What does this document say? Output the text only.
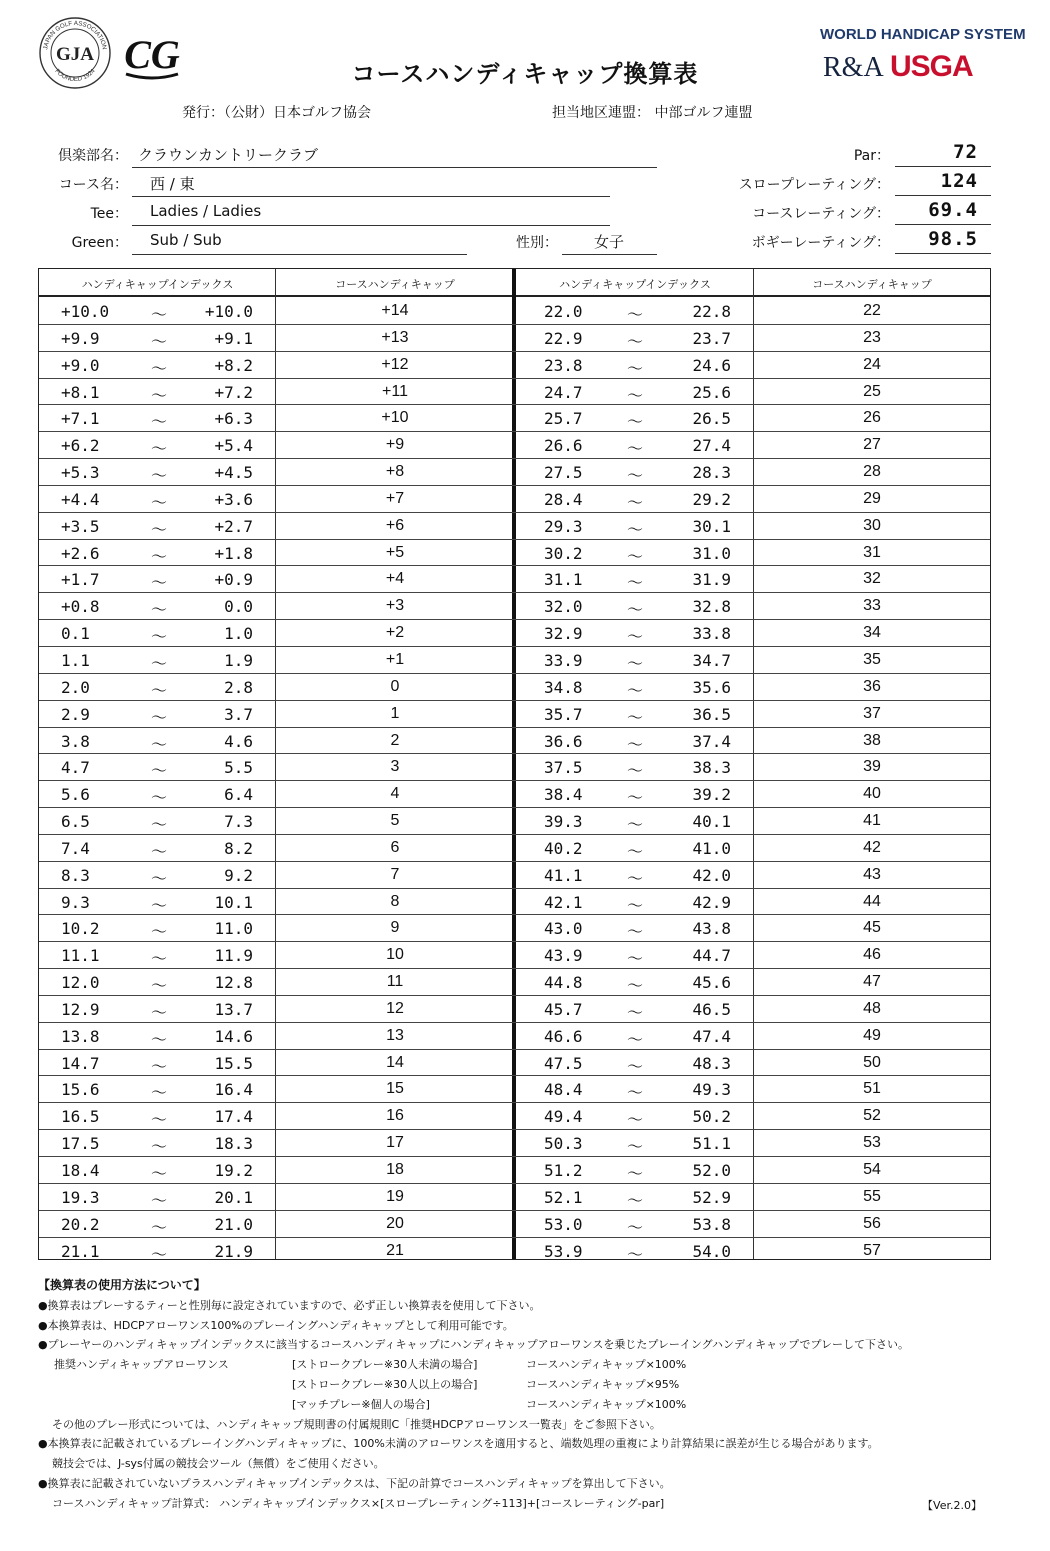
GJA
JAPAN GOLF ASSOCIATION
FOUNDED 1924 CG	コースハンディキャップ換算表
WORLD HANDICAP SYSTEM
R&A USGA
発行：（公財）日本ゴルフ協会	担当地区連盟： 中部ゴルフ連盟
倶楽部名： クラウンカントリークラブ
コース名： 西 / 東
Tee： Ladies / Ladies
Green： Sub / Sub	性別： 女子
Par：	72
スロープレーティング：	124
コースレーティング：	69.4
ボギーレーティング：	98.5
ハンディキャップインデックス	コースハンディキャップ	ハンディキャップインデックス	コースハンディキャップ
+10.0	～	+10.0	+14	22.0	～	22.8	22
+9.9	～	+9.1	+13	22.9	～	23.7	23
+9.0	～	+8.2	+12	23.8	～	24.6	24
+8.1	～	+7.2	+11	24.7	～	25.6	25
+7.1	～	+6.3	+10	25.7	～	26.5	26
+6.2	～	+5.4	+9	26.6	～	27.4	27
+5.3	～	+4.5	+8	27.5	～	28.3	28
+4.4	～	+3.6	+7	28.4	～	29.2	29
+3.5	～	+2.7	+6	29.3	～	30.1	30
+2.6	～	+1.8	+5	30.2	～	31.0	31
+1.7	～	+0.9	+4	31.1	～	31.9	32
+0.8	～	0.0	+3	32.0	～	32.8	33
0.1	～	1.0	+2	32.9	～	33.8	34
1.1	～	1.9	+1	33.9	～	34.7	35
2.0	～	2.8	0	34.8	～	35.6	36
2.9	～	3.7	1	35.7	～	36.5	37
3.8	～	4.6	2	36.6	～	37.4	38
4.7	～	5.5	3	37.5	～	38.3	39
5.6	～	6.4	4	38.4	～	39.2	40
6.5	～	7.3	5	39.3	～	40.1	41
7.4	～	8.2	6	40.2	～	41.0	42
8.3	～	9.2	7	41.1	～	42.0	43
9.3	～	10.1	8	42.1	～	42.9	44
10.2	～	11.0	9	43.0	～	43.8	45
11.1	～	11.9	10	43.9	～	44.7	46
12.0	～	12.8	11	44.8	～	45.6	47
12.9	～	13.7	12	45.7	～	46.5	48
13.8	～	14.6	13	46.6	～	47.4	49
14.7	～	15.5	14	47.5	～	48.3	50
15.6	～	16.4	15	48.4	～	49.3	51
16.5	～	17.4	16	49.4	～	50.2	52
17.5	～	18.3	17	50.3	～	51.1	53
18.4	～	19.2	18	51.2	～	52.0	54
19.3	～	20.1	19	52.1	～	52.9	55
20.2	～	21.0	20	53.0	～	53.8	56
21.1	～	21.9	21	53.9	～	54.0	57
【換算表の使用方法について】
●換算表はプレーするティーと性別毎に設定されていますので、必ず正しい換算表を使用して下さい。
●本換算表は、HDCPアローワンス100%のプレーイングハンディキャップとして利用可能です。
●プレーヤーのハンディキャップインデックスに該当するコースハンディキャップにハンディキャップアローワンスを乗じたプレーイングハンディキャップでプレーして下さい。
推奨ハンディキャップアローワンス	[ストロークプレー※30人未満の場合]	コースハンディキャップ×100%
[ストロークプレー※30人以上の場合]	コースハンディキャップ×95%
[マッチプレー※個人の場合]	コースハンディキャップ×100%
その他のプレー形式については、ハンディキャップ規則書の付属規則C「推奨HDCPアローワンス一覧表」をご参照下さい。
●本換算表に記載されているプレーイングハンディキャップに、100%未満のアローワンスを適用すると、端数処理の重複により計算結果に誤差が生じる場合があります。
競技会では、J-sys付属の競技会ツール（無償）をご使用ください。
●換算表に記載されていないプラスハンディキャップインデックスは、下記の計算でコースハンディキャップを算出して下さい。
コースハンディキャップ計算式： ハンディキャップインデックス×[スロープレーティング÷113]+[コースレーティング-par]	【Ver.2.0】
